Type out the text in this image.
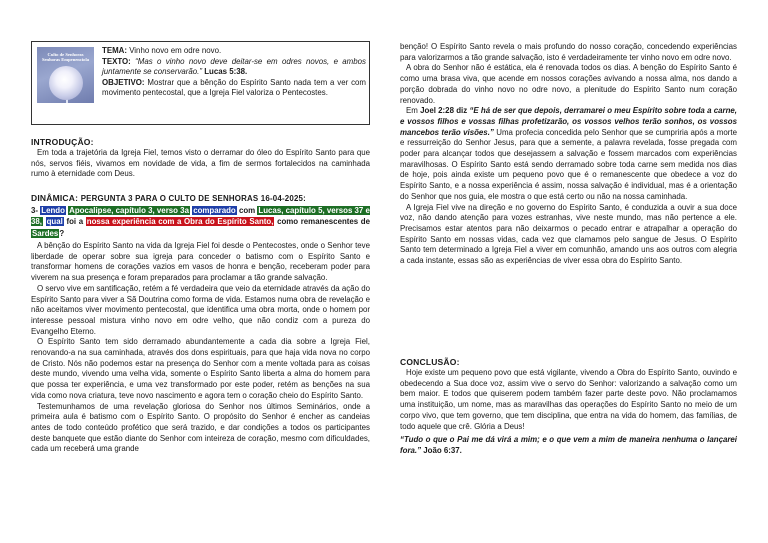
Culto de Senhoras
Senhoras Empenenciola

TEMA: Vinho novo em odre novo.

TEXTO: “Mas o vinho novo deve deitar-se em odres novos, e ambos juntamente se conservarão.” Lucas 5:38.

OBJETIVO: Mostrar que a bênção do Espírito Santo nada tem a ver com movimento pentecostal, que a Igreja Fiel valoriza o Pentecostes.

INTRODUÇÃO:

Em toda a trajetória da Igreja Fiel, temos visto o derramar do óleo do Espírito Santo para que nós, servos fiéis, vivamos em novidade de vida, a fim de sermos fortalecidos na caminhada rumo à eternidade com Deus.

DINÂMICA: PERGUNTA 3 PARA O CULTO DE SENHORAS 16-04-2025:

3- Lendo Apocalipse, capítulo 3, verso 3a comparado com Lucas, capítulo 5, versos 37 e 38, qual foi a nossa experiência com a Obra do Espírito Santo, como remanescentes de Sardes?

A bênção do Espírito Santo na vida da Igreja Fiel foi desde o Pentecostes, onde o Senhor teve liberdade de operar sobre sua igreja para conceder o batismo com o Espírito Santo e transformar homens de corações vazios em vasos de honra e benção, receberam poder para viverem na sua presença e foram preparados para proclamar a tão grande salvação.

O servo vive em santificação, retém a fé verdadeira que veio da eternidade através da ação do Espírito Santo para viver a Sã Doutrina como forma de vida. Estamos numa obra de revelação e não aceitamos viver movimento pentecostal, que identifica uma obra morta, onde o homem por interesse pessoal mistura vinho novo em odre velho, que não condiz com a pureza do Evangelho Eterno.

O Espírito Santo tem sido derramado abundantemente a cada dia sobre a Igreja Fiel, renovando-a na sua caminhada, através dos dons espirituais, para que haja vida nova no corpo de Cristo. Nós não podemos estar na presença do Senhor com a mente voltada para as coisas deste mundo, vivendo uma velha vida, somente o Espírito Santo liberta a alma do homem para que possa ter experiência, e uma vez transformado por este poder, retém as benções na sua vida como nova criatura, teve novo nascimento e agora tem o coração cheio do Espírito Santo.

Testemunhamos de uma revelação gloriosa do Senhor nos últimos Seminários, onde a primeira aula é batismo com o Espírito Santo. O propósito do Senhor é encher as candeias antes de todo conteúdo profético que será trazido, e dar condições a todos os participantes deste banquete que estão diante do Senhor com inteireza de coração, mesmo com dificuldades, cada um receberá uma grande

benção! O Espírito Santo revela o mais profundo do nosso coração, concedendo experiências para valorizarmos a tão grande salvação, isto é verdadeiramente ter vinho novo em odre novo.

A obra do Senhor não é estática, ela é renovada todos os dias. A benção do Espírito Santo é como uma brasa viva, que acende em nossos corações avivando a nossa alma, nos dando a porção dobrada do vinho novo no odre novo, a plenitude do Espírito Santo num coração renovado.

Em Joel 2:28 diz “E há de ser que depois, derramarei o meu Espírito sobre toda a carne, e vossos filhos e vossas filhas profetizarão, os vossos velhos terão sonhos, os vossos mancebos terão visões.” Uma profecia concedida pelo Senhor que se cumpriria após a morte e ressurreição do Senhor Jesus, para que a semente, a palavra revelada, fosse pregada com poder para alcançar todos que desejassem a salvação e fossem marcados com experiências maravilhosas. O Espírito Santo está sendo derramado sobre toda carne sem medida nos dias de hoje, pois ainda existe um pequeno povo que é o remanescente que obedece a voz do Espírito Santo, e a nossa experiência é assim, nossa salvação é individual, mas é a orientação do Senhor que nos guia, ele mostra o que está certo ou não na nossa caminhada.

A Igreja Fiel vive na direção e no governo do Espírito Santo, é conduzida a ouvir a sua doce voz, não dando atenção para vozes estranhas, vive neste mundo, mas não pertence a ele. Precisamos estar atentos para não deixarmos o pecado entrar e atrapalhar a operação do Espírito Santo em nossas vidas, cada vez que clamamos pelo sangue de Jesus. O Espírito Santo tem determinado a Igreja Fiel a viver em comunhão, amando uns aos outros com alegria a cada instante, essas são as experiências de viver essa obra do Espírito Santo.

CONCLUSÃO:

Hoje existe um pequeno povo que está vigilante, vivendo a Obra do Espírito Santo, ouvindo e obedecendo a Sua doce voz, assim vive o servo do Senhor: valorizando a salvação como um bem maior. E todos que quiserem podem também fazer parte deste povo. Não proclamamos uma instituição, um nome, mas as maravilhas das operações do Espírito Santo no meio de um corpo vivo, que tem governo, que tem disciplina, que entra na vida do homem, das famílias, de todo aquele que crê. Glória a Deus!

“Tudo o que o Pai me dá virá a mim; e o que vem a mim de maneira nenhuma o lançarei fora.” João 6:37.
